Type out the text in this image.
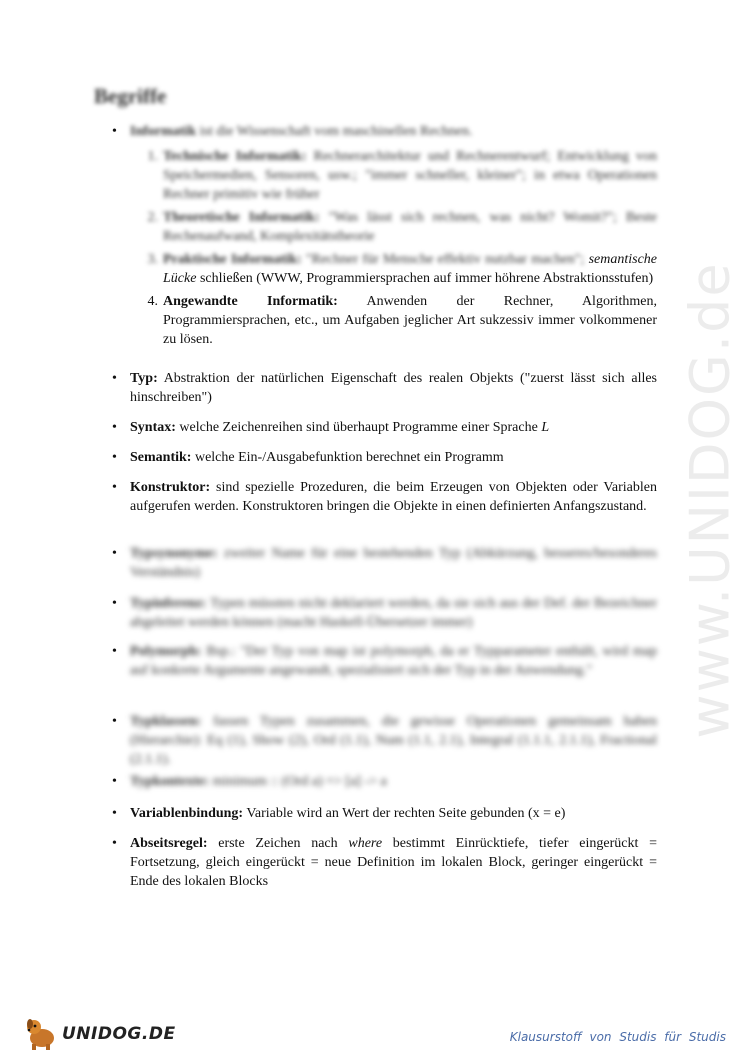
www.UNIDOG.de
Begriffe
• Informatik ist die Wissenschaft vom maschinellen Rechnen.
1. Technische Informatik: Rechnerarchitektur und Rechnerentwurf; Entwicklung von Speichermedien, Sensoren, usw.; "immer schneller, kleiner"; in etwa Operationen Rechner primitiv wie früher
2. Theoretische Informatik: "Was lässt sich rechnen, was nicht? Womit?"; Beste Rechenaufwand, Komplexitätstheorie
3. Praktische Informatik: "Rechner für Mensche effektiv nutzbar machen"; semantische Lücke schließen (WWW, Programmiersprachen auf immer höhrene Abstraktionsstufen)
4. Angewandte Informatik: Anwenden der Rechner, Algorithmen, Programmiersprachen, etc., um Aufgaben jeglicher Art sukzessiv immer volkommener zu lösen.
• Typ: Abstraktion der natürlichen Eigenschaft des realen Objekts ("zuerst lässt sich alles hinschreiben")
• Syntax: welche Zeichenreihen sind überhaupt Programme einer Sprache L
• Semantik: welche Ein-/Ausgabefunktion berechnet ein Programm
• Konstruktor: sind spezielle Prozeduren, die beim Erzeugen von Objekten oder Variablen aufgerufen werden. Konstruktoren bringen die Objekte in einen definierten Anfangszustand.
• Typsynonyme: zweiter Name für eine bestehenden Typ (Abkürzung, besseres/besonderes Verständnis)
• Typinferenz: Typen müssten nicht deklariert werden, da sie sich aus der Def. der Bezeichner abgeleitet werden können (macht Haskell-Übersetzer immer)
• Polymorph: Bsp.: "Der Typ von map ist polymorph, da er Typparameter enthält, wird map auf konkrete Argumente angewandt, spezialisiert sich der Typ in der Anwendung."
• Typklassen: fassen Typen zusammen, die gewisse Operationen gemeinsam haben (Hierarchie): Eq (1), Show (2), Ord (1.1), Num (1.1, 2.1), Integral (1.1.1, 2.1.1), Fractional (2.1.1).
• Typkontexte: minimum :: (Ord a) => [a] -> a
• Variablenbindung: Variable wird an Wert der rechten Seite gebunden (x = e)
• Abseitsregel: erste Zeichen nach where bestimmt Einrücktiefe, tiefer eingerückt = Fortsetzung, gleich eingerückt = neue Definition im lokalen Block, geringer eingerückt = Ende des lokalen Blocks
UNIDOG.DE	Klausurstoff von Studis für Studis
